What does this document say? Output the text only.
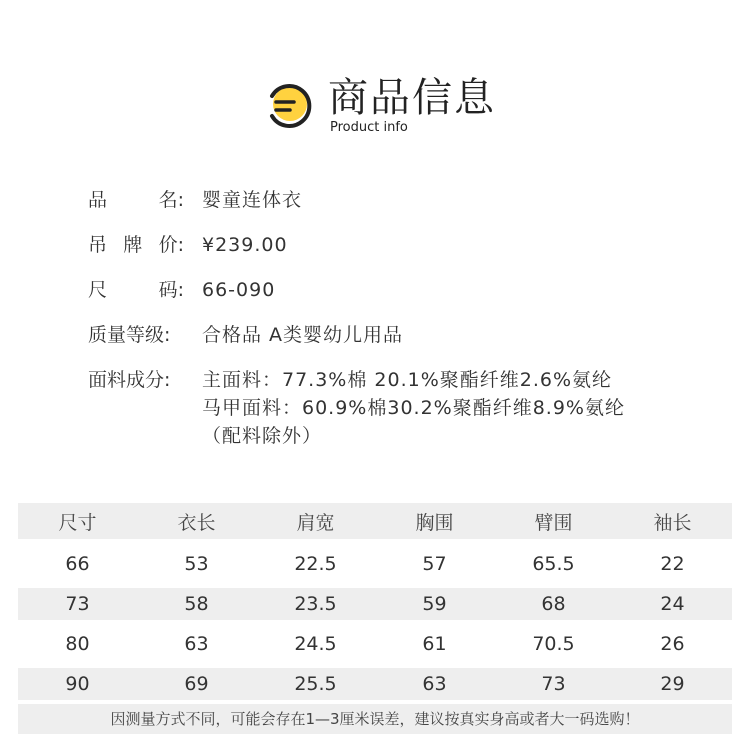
商品信息
Product info
品	名: 婴童连体衣
吊 牌 价: ¥239.00
尺	码: 66-090
质量等级: 合格品 A类婴幼儿用品
面料成分: 主面料：77.3%棉 20.1%聚酯纤维2.6%氨纶
马甲面料：60.9%棉30.2%聚酯纤维8.9%氨纶
（配料除外）
尺寸	衣长	肩宽	胸围	臂围	袖长
66	53	22.5	57	65.5	22
73	58	23.5	59	68	24
80	63	24.5	61	70.5	26
90	69	25.5	63	73	29
因测量方式不同，可能会存在1—3厘米误差，建议按真实身高或者大一码选购！
